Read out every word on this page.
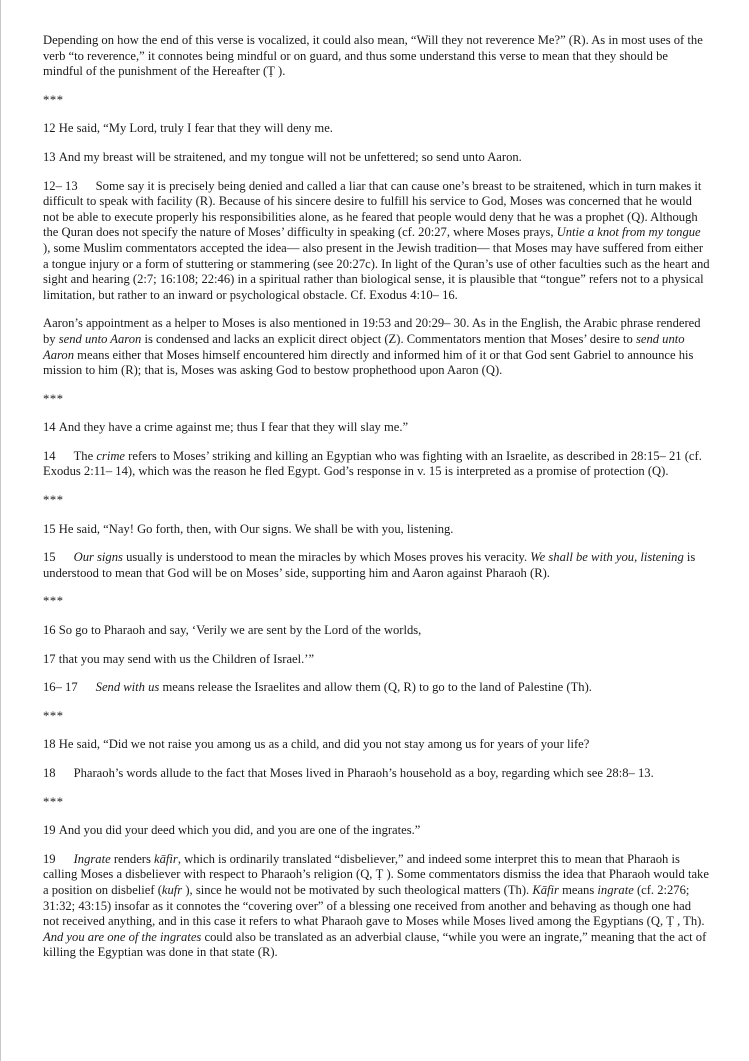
Depending on how the end of this verse is vocalized, it could also mean, “Will they not reverence Me?” (R). As in most uses of the verb “to reverence,” it connotes being mindful or on guard, and thus some understand this verse to mean that they should be mindful of the punishment of the Hereafter (Ṭ ).
***
12 He said, “My Lord, truly I fear that they will deny me.
13 And my breast will be straitened, and my tongue will not be unfettered; so send unto Aaron.
12– 13 Some say it is precisely being denied and called a liar that can cause one’s breast to be straitened, which in turn makes it difficult to speak with facility (R). Because of his sincere desire to fulfill his service to God, Moses was concerned that he would not be able to execute properly his responsibilities alone, as he feared that people would deny that he was a prophet (Q). Although the Quran does not specify the nature of Moses’ difficulty in speaking (cf. 20:27, where Moses prays, Untie a knot from my tongue ), some Muslim commentators accepted the idea— also present in the Jewish tradition— that Moses may have suffered from either a tongue injury or a form of stuttering or stammering (see 20:27c). In light of the Quran’s use of other faculties such as the heart and sight and hearing (2:7; 16:108; 22:46) in a spiritual rather than biological sense, it is plausible that “tongue” refers not to a physical limitation, but rather to an inward or psychological obstacle. Cf. Exodus 4:10– 16.
Aaron’s appointment as a helper to Moses is also mentioned in 19:53 and 20:29– 30. As in the English, the Arabic phrase rendered by send unto Aaron is condensed and lacks an explicit direct object (Z). Commentators mention that Moses’ desire to send unto Aaron means either that Moses himself encountered him directly and informed him of it or that God sent Gabriel to announce his mission to him (R); that is, Moses was asking God to bestow prophethood upon Aaron (Q).
***
14 And they have a crime against me; thus I fear that they will slay me.”
14 The crime refers to Moses’ striking and killing an Egyptian who was fighting with an Israelite, as described in 28:15– 21 (cf. Exodus 2:11– 14), which was the reason he fled Egypt. God’s response in v. 15 is interpreted as a promise of protection (Q).
***
15 He said, “Nay! Go forth, then, with Our signs. We shall be with you, listening.
15 Our signs usually is understood to mean the miracles by which Moses proves his veracity. We shall be with you, listening is understood to mean that God will be on Moses’ side, supporting him and Aaron against Pharaoh (R).
***
16 So go to Pharaoh and say, ‘Verily we are sent by the Lord of the worlds,
17 that you may send with us the Children of Israel.’”
16– 17 Send with us means release the Israelites and allow them (Q, R) to go to the land of Palestine (Th).
***
18 He said, “Did we not raise you among us as a child, and did you not stay among us for years of your life?
18 Pharaoh’s words allude to the fact that Moses lived in Pharaoh’s household as a boy, regarding which see 28:8– 13.
***
19 And you did your deed which you did, and you are one of the ingrates.”
19 Ingrate renders kāfir, which is ordinarily translated “disbeliever,” and indeed some interpret this to mean that Pharaoh is calling Moses a disbeliever with respect to Pharaoh’s religion (Q, Ṭ ). Some commentators dismiss the idea that Pharaoh would take a position on disbelief (kufr ), since he would not be motivated by such theological matters (Th). Kāfir means ingrate (cf. 2:276; 31:32; 43:15) insofar as it connotes the “covering over” of a blessing one received from another and behaving as though one had not received anything, and in this case it refers to what Pharaoh gave to Moses while Moses lived among the Egyptians (Q, Ṭ , Th). And you are one of the ingrates could also be translated as an adverbial clause, “while you were an ingrate,” meaning that the act of killing the Egyptian was done in that state (R).
